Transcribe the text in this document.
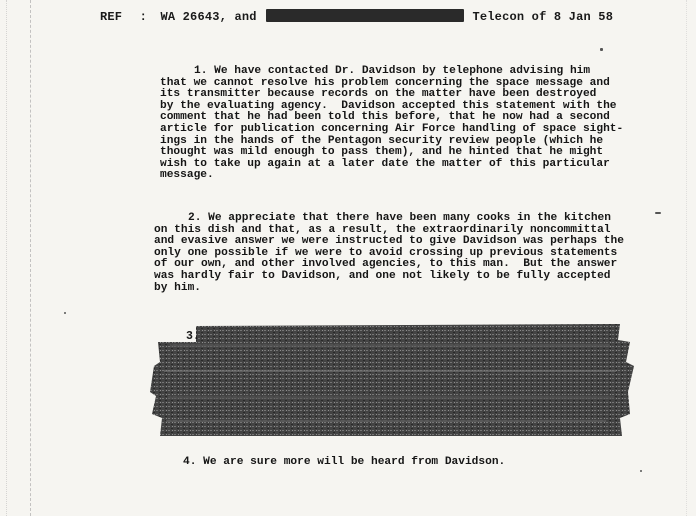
REF : WA 26643, and	Telecon of 8 Jan 58
1. We have contacted Dr. Davidson by telephone advising him
that we cannot resolve his problem concerning the space message and
its transmitter because records on the matter have been destroyed
by the evaluating agency.  Davidson accepted this statement with the
comment that he had been told this before, that he now had a second
article for publication concerning Air Force handling of space sight-
ings in the hands of the Pentagon security review people (which he
thought was mild enough to pass them), and he hinted that he might
wish to take up again at a later date the matter of this particular
message.
2. We appreciate that there have been many cooks in the kitchen
on this dish and that, as a result, the extraordinarily noncommittal
and evasive answer we were instructed to give Davidson was perhaps the
only one possible if we were to avoid crossing up previous statements
of our own, and other involved agencies, to this man.  But the answer
was hardly fair to Davidson, and one not likely to be fully accepted
by him.
3.
4. We are sure more will be heard from Davidson.
